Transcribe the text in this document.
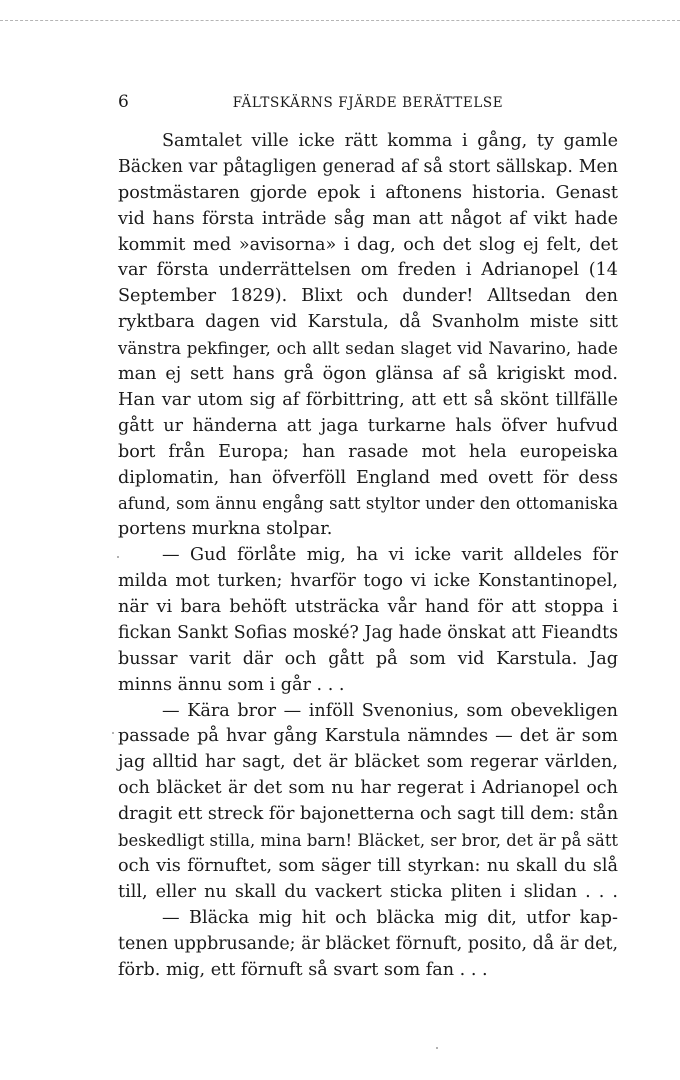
6	FÄLTSKÄRNS FJÄRDE BERÄTTELSE
Samtalet ville icke rätt komma i gång, ty gamle
Bäcken var påtagligen generad af så stort sällskap. Men
postmästaren gjorde epok i aftonens historia. Genast
vid hans första inträde såg man att något af vikt hade
kommit med »avisorna» i dag, och det slog ej felt, det
var första underrättelsen om freden i Adrianopel (14
September 1829). Blixt och dunder! Alltsedan den
ryktbara dagen vid Karstula, då Svanholm miste sitt
vänstra pekfinger, och allt sedan slaget vid Navarino, hade
man ej sett hans grå ögon glänsa af så krigiskt mod.
Han var utom sig af förbittring, att ett så skönt tillfälle
gått ur händerna att jaga turkarne hals öfver hufvud
bort från Europa; han rasade mot hela europeiska
diplomatin, han öfverföll England med ovett för dess
afund, som ännu engång satt styltor under den ottomaniska
portens murkna stolpar.
— Gud förlåte mig, ha vi icke varit alldeles för
milda mot turken; hvarför togo vi icke Konstantinopel,
när vi bara behöft utsträcka vår hand för att stoppa i
fickan Sankt Sofias moské? Jag hade önskat att Fieandts
bussar varit där och gått på som vid Karstula. Jag
minns ännu som i går . . .
— Kära bror — inföll Svenonius, som obevekligen
passade på hvar gång Karstula nämndes — det är som
jag alltid har sagt, det är bläcket som regerar världen,
och bläcket är det som nu har regerat i Adrianopel och
dragit ett streck för bajonetterna och sagt till dem: stån
beskedligt stilla, mina barn! Bläcket, ser bror, det är på sätt
och vis förnuftet, som säger till styrkan: nu skall du slå
till, eller nu skall du vackert sticka pliten i slidan . . .
— Bläcka mig hit och bläcka mig dit, utfor kap-
tenen uppbrusande; är bläcket förnuft, posito, då är det,
förb. mig, ett förnuft så svart som fan . . .
